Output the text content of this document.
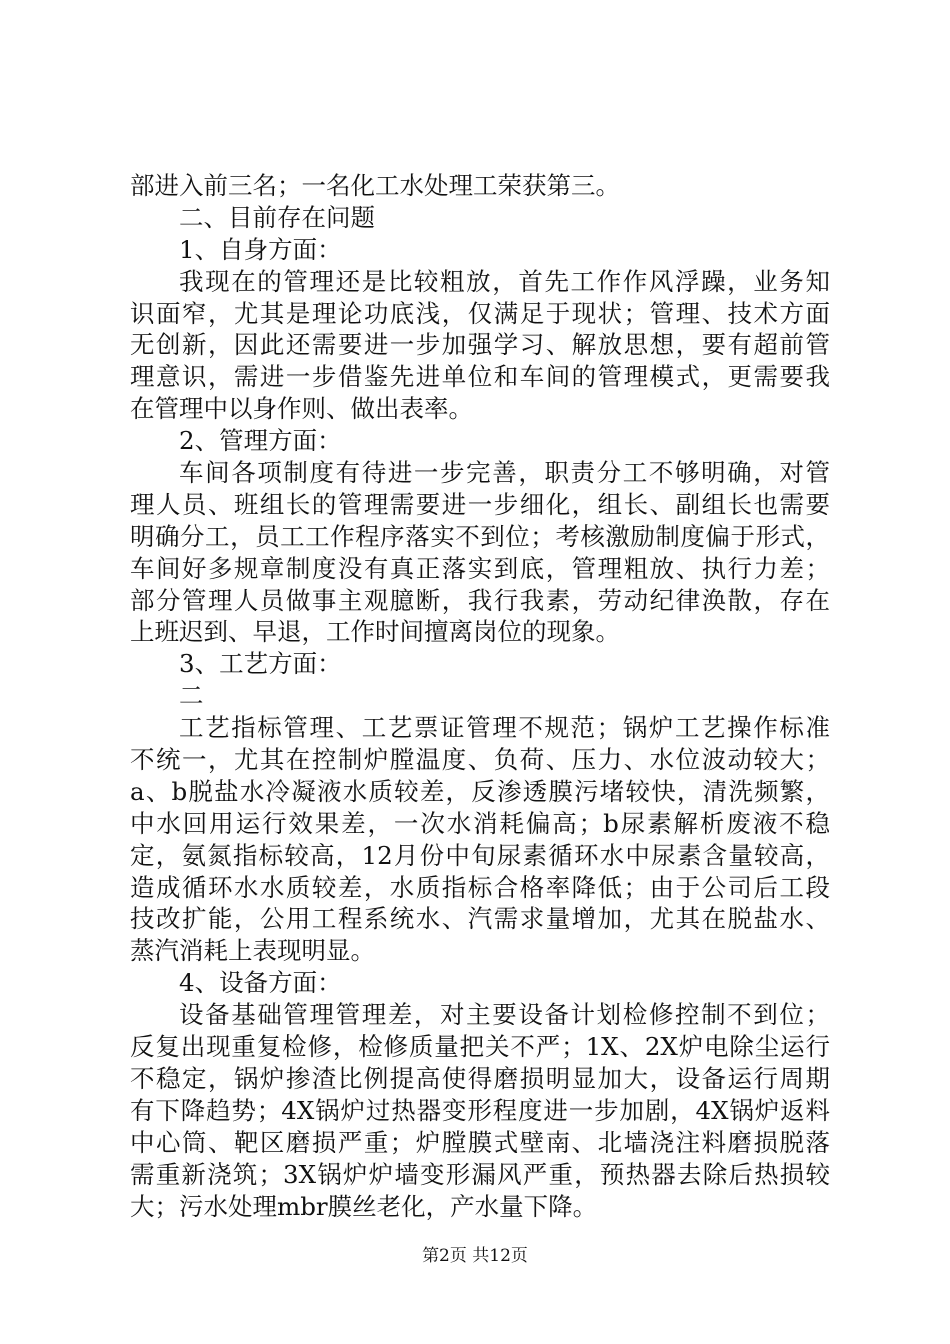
部进入前三名；一名化工水处理工荣获第三。
二、目前存在问题
1、自身方面：
我现在的管理还是比较粗放，首先工作作风浮躁，业务知
识面窄，尤其是理论功底浅，仅满足于现状；管理、技术方面
无创新，因此还需要进一步加强学习、解放思想，要有超前管
理意识，需进一步借鉴先进单位和车间的管理模式，更需要我
在管理中以身作则、做出表率。
2、管理方面：
车间各项制度有待进一步完善，职责分工不够明确，对管
理人员、班组长的管理需要进一步细化，组长、副组长也需要
明确分工，员工工作程序落实不到位；考核激励制度偏于形式，
车间好多规章制度没有真正落实到底，管理粗放、执行力差；
部分管理人员做事主观臆断，我行我素，劳动纪律涣散，存在
上班迟到、早退，工作时间擅离岗位的现象。
3、工艺方面：
二
工艺指标管理、工艺票证管理不规范；锅炉工艺操作标准
不统一，尤其在控制炉膛温度、负荷、压力、水位波动较大；
a、b脱盐水冷凝液水质较差，反渗透膜污堵较快，清洗频繁，
中水回用运行效果差，一次水消耗偏高；b尿素解析废液不稳
定，氨氮指标较高，12月份中旬尿素循环水中尿素含量较高，
造成循环水水质较差，水质指标合格率降低；由于公司后工段
技改扩能，公用工程系统水、汽需求量增加，尤其在脱盐水、
蒸汽消耗上表现明显。
4、设备方面：
设备基础管理管理差，对主要设备计划检修控制不到位；
反复出现重复检修，检修质量把关不严；1X、2X炉电除尘运行
不稳定，锅炉掺渣比例提高使得磨损明显加大，设备运行周期
有下降趋势；4X锅炉过热器变形程度进一步加剧，4X锅炉返料
中心筒、靶区磨损严重；炉膛膜式壁南、北墙浇注料磨损脱落
需重新浇筑；3X锅炉炉墙变形漏风严重，预热器去除后热损较
大；污水处理mbr膜丝老化，产水量下降。
第2页 共12页
